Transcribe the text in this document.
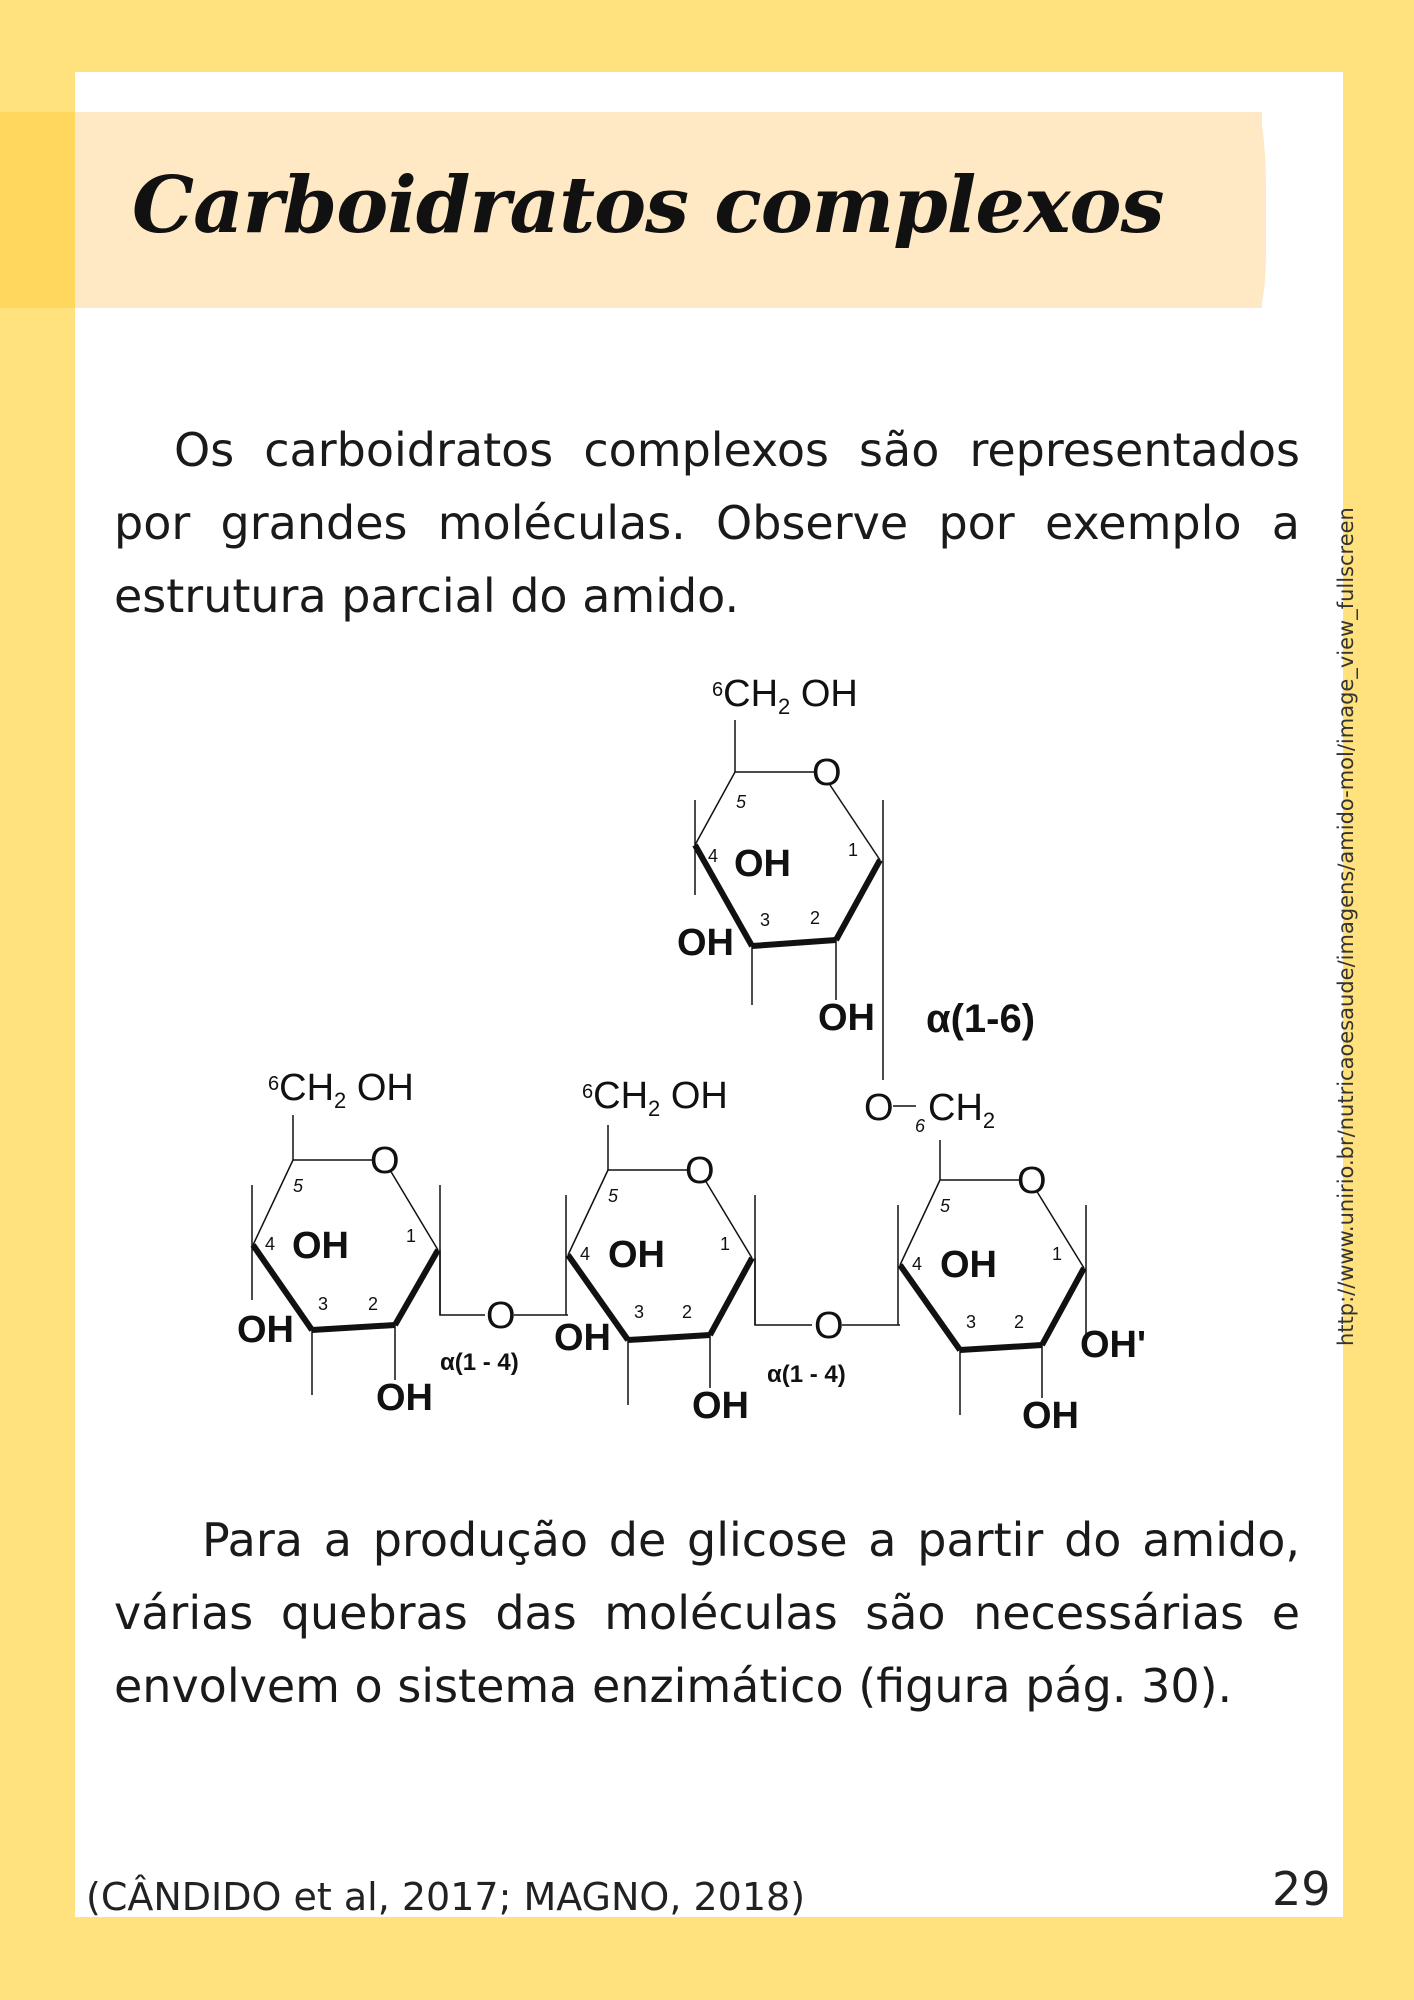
Carboidratos complexos

Os carboidratos complexos são representados por grandes moléculas. Observe por exemplo a estrutura parcial do amido.

$^6CH_2$ OH
O
OH
OH
OH
5
4
3 2
1
α(1-6)
O 6 $CH_2$
$^6CH_2$ OH
O
OH
OH
OH
5
4
3 2
1
O
α(1 - 4)
$^6CH_2$ OH
O
OH
OH
OH
5
4
3 2
1
O
α(1 - 4)
O
OH
OH'
OH
5
4
3 2
1

Para a produção de glicose a partir do amido, várias quebras das moléculas são necessárias e envolvem o sistema enzimático (figura pág. 30).

http://www.unirio.br/nutricaoesaude/imagens/amido-mol/image_view_fullscreen
(CÂNDIDO et al, 2017; MAGNO, 2018)	29
